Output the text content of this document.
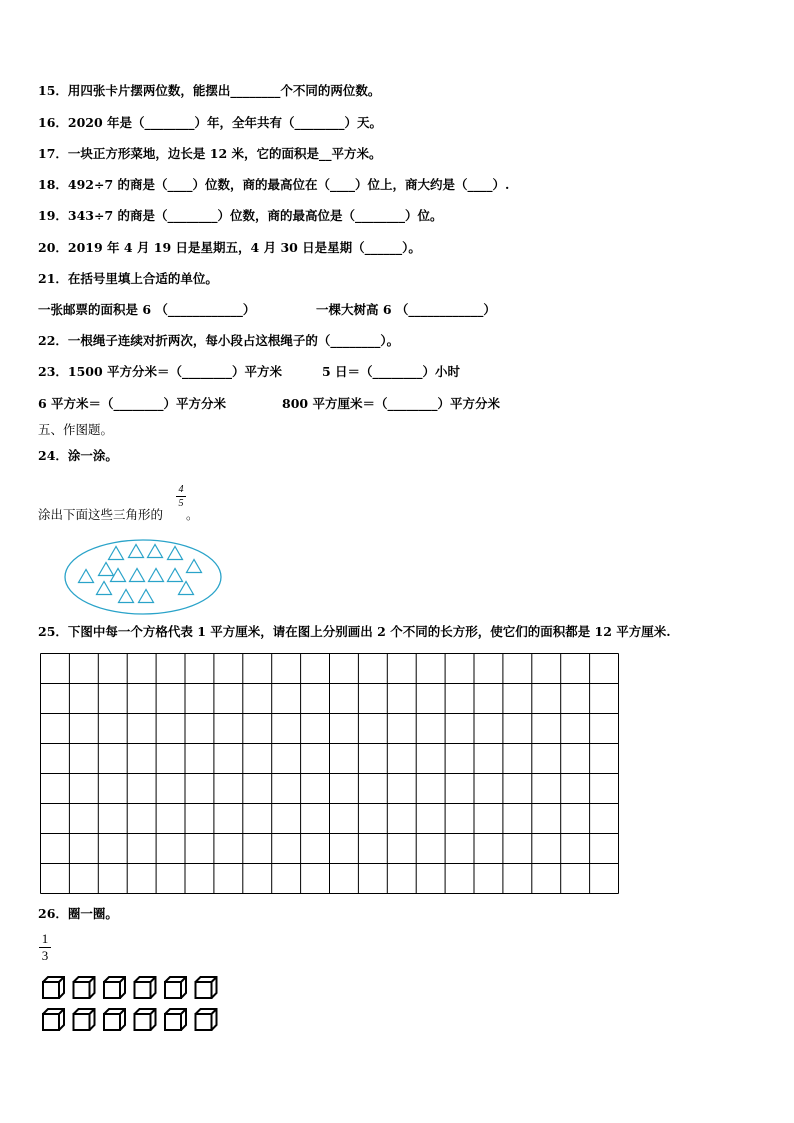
15．用四张卡片摆两位数，能摆出________个不同的两位数。
16．2020 年是（________）年，全年共有（________）天。
17．一块正方形菜地，边长是 12 米，它的面积是__平方米。
18．492÷7 的商是（____）位数，商的最高位在（____）位上，商大约是（____）.
19．343÷7 的商是（________）位数，商的最高位是（________）位。
20．2019 年 4 月 19 日是星期五，4 月 30 日是星期（______）。
21．在括号里填上合适的单位。
一张邮票的面积是 6 （____________）	一棵大树高 6 （____________）
22．一根绳子连续对折两次，每小段占这根绳子的（________）。
23．1500 平方分米＝（________）平方米	5 日＝（________）小时
6 平方米＝（________）平方分米	800 平方厘米＝（________）平方分米
五、作图题。
24．涂一涂。
涂出下面这些三角形的
4
5
。
25．下图中每一个方格代表 1 平方厘米，请在图上分别画出 2 个不同的长方形，使它们的面积都是 12 平方厘米.
26．圈一圈。
1
3
